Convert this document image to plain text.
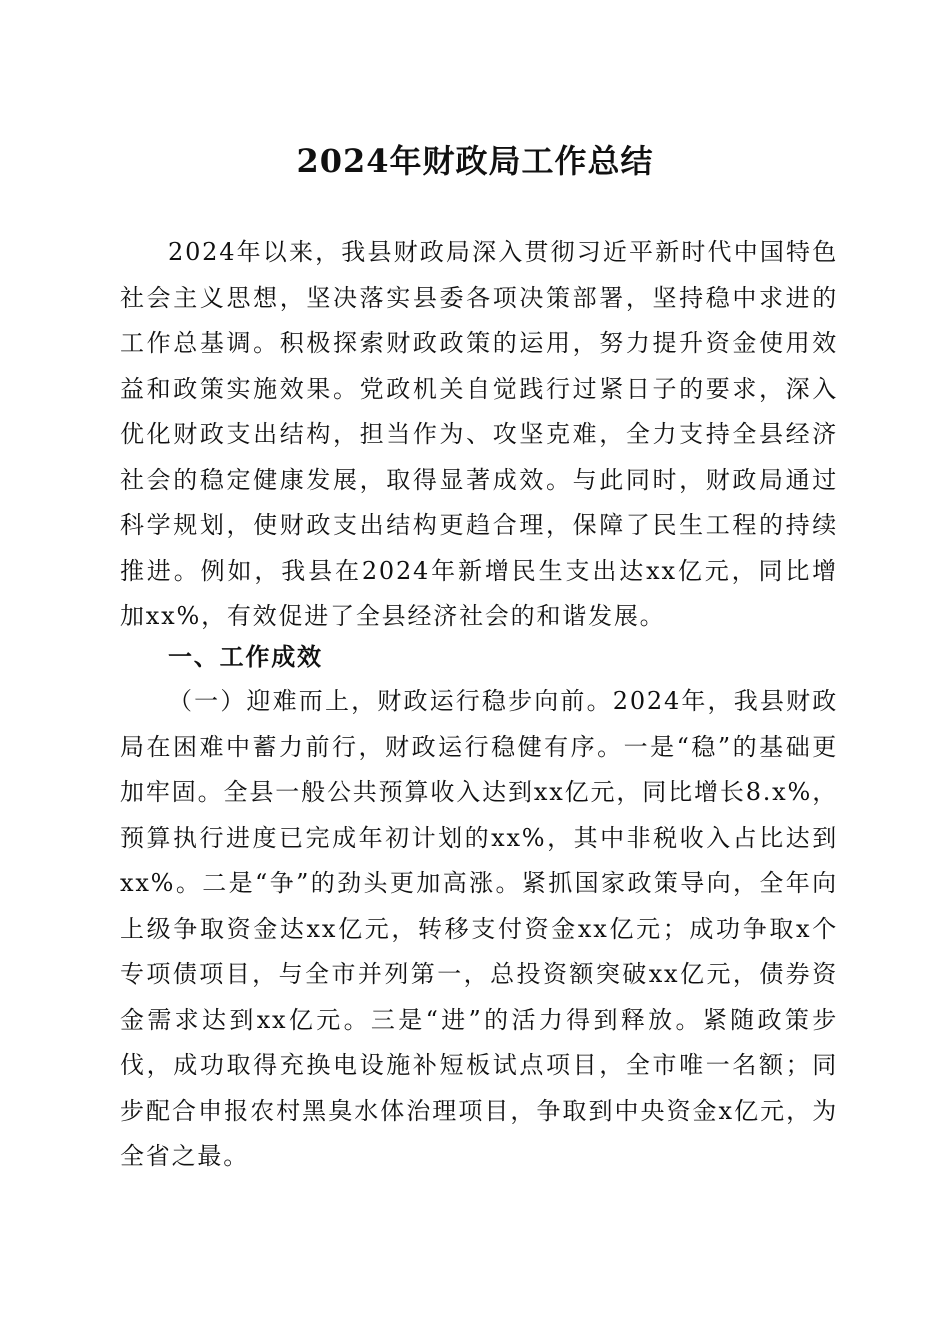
2024年财政局工作总结

2024年以来，我县财政局深入贯彻习近平新时代中国特色社会主义思想，坚决落实县委各项决策部署，坚持稳中求进的工作总基调。积极探索财政政策的运用，努力提升资金使用效益和政策实施效果。党政机关自觉践行过紧日子的要求，深入优化财政支出结构，担当作为、攻坚克难，全力支持全县经济社会的稳定健康发展，取得显著成效。与此同时，财政局通过科学规划，使财政支出结构更趋合理，保障了民生工程的持续推进。例如，我县在2024年新增民生支出达xx亿元，同比增加xx%，有效促进了全县经济社会的和谐发展。

一、工作成效

（一）迎难而上，财政运行稳步向前。2024年，我县财政局在困难中蓄力前行，财政运行稳健有序。一是“稳”的基础更加牢固。全县一般公共预算收入达到xx亿元，同比增长8.x%，预算执行进度已完成年初计划的xx%，其中非税收入占比达到xx%。二是“争”的劲头更加高涨。紧抓国家政策导向，全年向上级争取资金达xx亿元，转移支付资金xx亿元；成功争取x个专项债项目，与全市并列第一，总投资额突破xx亿元，债券资金需求达到xx亿元。三是“进”的活力得到释放。紧随政策步伐，成功取得充换电设施补短板试点项目，全市唯一名额；同步配合申报农村黑臭水体治理项目，争取到中央资金x亿元，为全省之最。
